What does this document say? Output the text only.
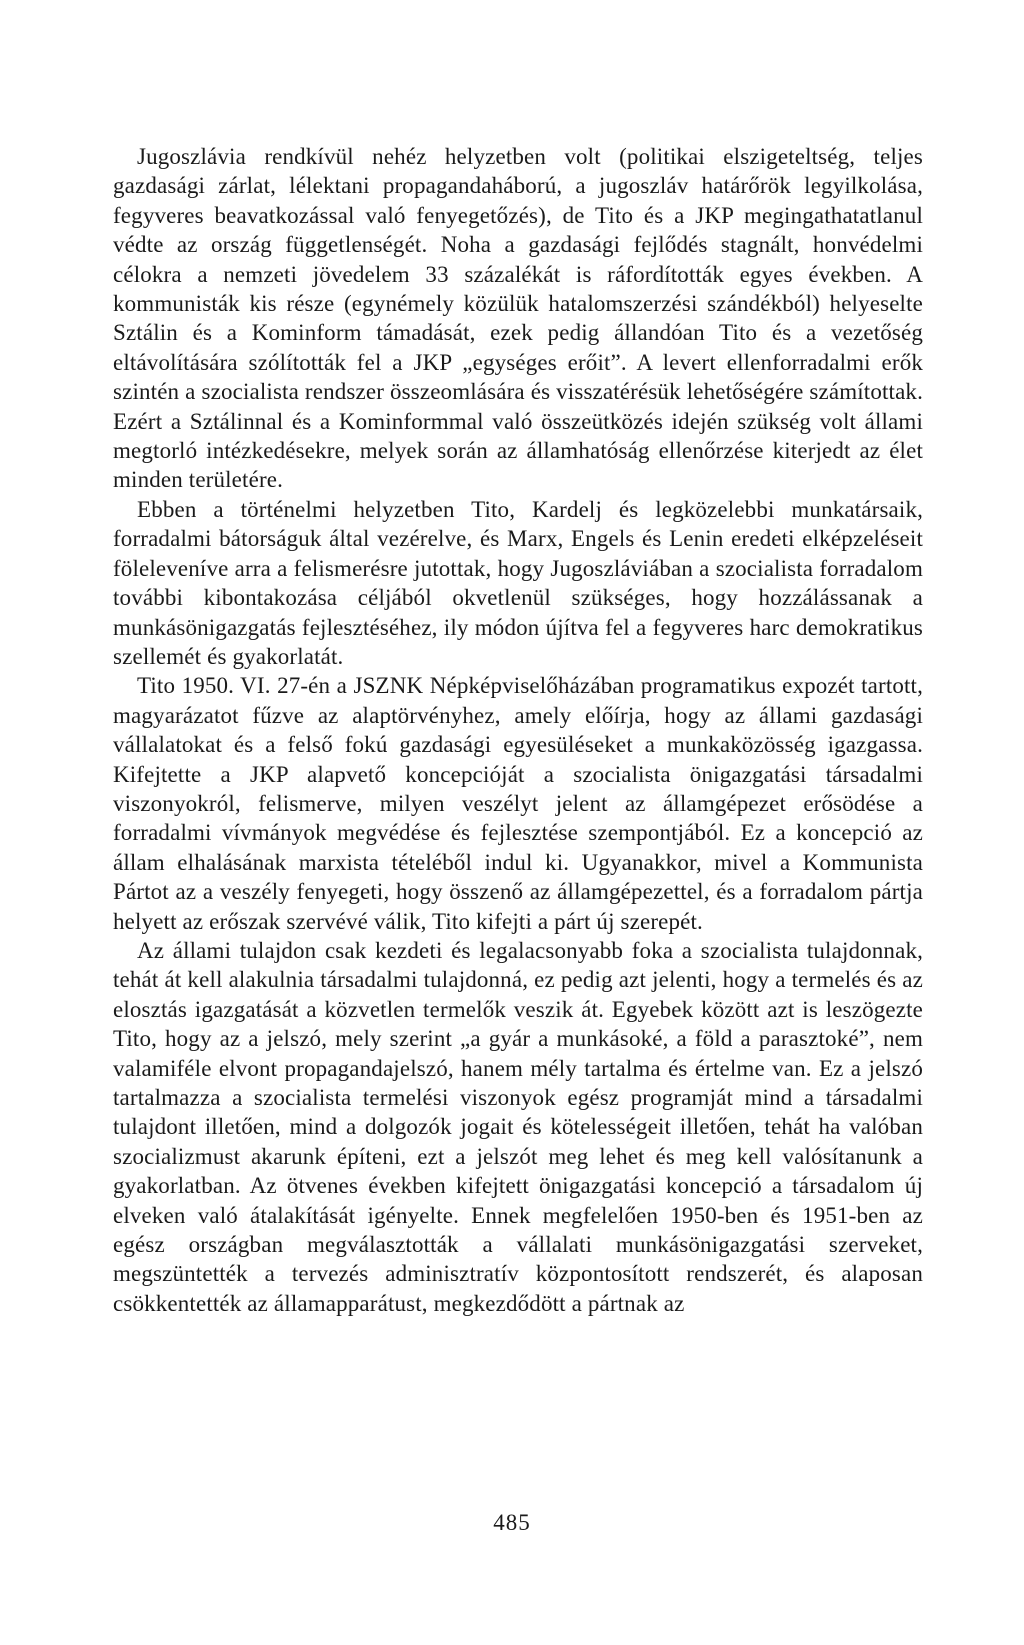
Jugoszlávia rendkívül nehéz helyzetben volt (politikai elszigeteltség, teljes gazdasági zárlat, lélektani propagandaháború, a jugoszláv határőrök legyilkolása, fegyveres beavatkozással való fenyegetőzés), de Tito és a JKP megingathatatlanul védte az ország függetlenségét. Noha a gazdasági fejlődés stagnált, honvédelmi célokra a nemzeti jövedelem 33 százalékát is ráfordították egyes években. A kommunisták kis része (egynémely közülük hatalomszerzési szándékból) helyeselte Sztálin és a Kominform támadását, ezek pedig állandóan Tito és a vezetőség eltávolítására szólították fel a JKP „egységes erőit”. A levert ellenforradalmi erők szintén a szocialista rendszer összeomlására és visszatérésük lehetőségére számítottak. Ezért a Sztálinnal és a Kominformmal való összeütközés idején szükség volt állami megtorló intézkedésekre, melyek során az államhatóság ellenőrzése kiterjedt az élet minden területére.

Ebben a történelmi helyzetben Tito, Kardelj és legközelebbi munkatársaik, forradalmi bátorságuk által vezérelve, és Marx, Engels és Lenin eredeti elképzeléseit föleleveníve arra a felismerésre jutottak, hogy Jugoszláviában a szocialista forradalom további kibontakozása céljából okvetlenül szükséges, hogy hozzálássanak a munkásönigazgatás fejlesztéséhez, ily módon újítva fel a fegyveres harc demokratikus szellemét és gyakorlatát.

Tito 1950. VI. 27-én a JSZNK Népképviselőházában programatikus expozét tartott, magyarázatot fűzve az alaptörvényhez, amely előírja, hogy az állami gazdasági vállalatokat és a felső fokú gazdasági egyesüléseket a munkaközösség igazgassa. Kifejtette a JKP alapvető koncepcióját a szocialista önigazgatási társadalmi viszonyokról, felismerve, milyen veszélyt jelent az államgépezet erősödése a forradalmi vívmányok megvédése és fejlesztése szempontjából. Ez a koncepció az állam elhalásának marxista tételéből indul ki. Ugyanakkor, mivel a Kommunista Pártot az a veszély fenyegeti, hogy összenő az államgépezettel, és a forradalom pártja helyett az erőszak szervévé válik, Tito kifejti a párt új szerepét.

Az állami tulajdon csak kezdeti és legalacsonyabb foka a szocialista tulajdonnak, tehát át kell alakulnia társadalmi tulajdonná, ez pedig azt jelenti, hogy a termelés és az elosztás igazgatását a közvetlen termelők veszik át. Egyebek között azt is leszögezte Tito, hogy az a jelszó, mely szerint „a gyár a munkásoké, a föld a parasztoké”, nem valamiféle elvont propagandajelszó, hanem mély tartalma és értelme van. Ez a jelszó tartalmazza a szocialista termelési viszonyok egész programját mind a társadalmi tulajdont illetően, mind a dolgozók jogait és kötelességeit illetően, tehát ha valóban szocializmust akarunk építeni, ezt a jelszót meg lehet és meg kell valósítanunk a gyakorlatban. Az ötvenes években kifejtett önigazgatási koncepció a társadalom új elveken való átalakítását igényelte. Ennek megfelelően 1950-ben és 1951-ben az egész országban megválasztották a vállalati munkásönigazgatási szerveket, megszüntették a tervezés adminisztratív központosított rendszerét, és alaposan csökkentették az államapparátust, megkezdődött a pártnak az

485
